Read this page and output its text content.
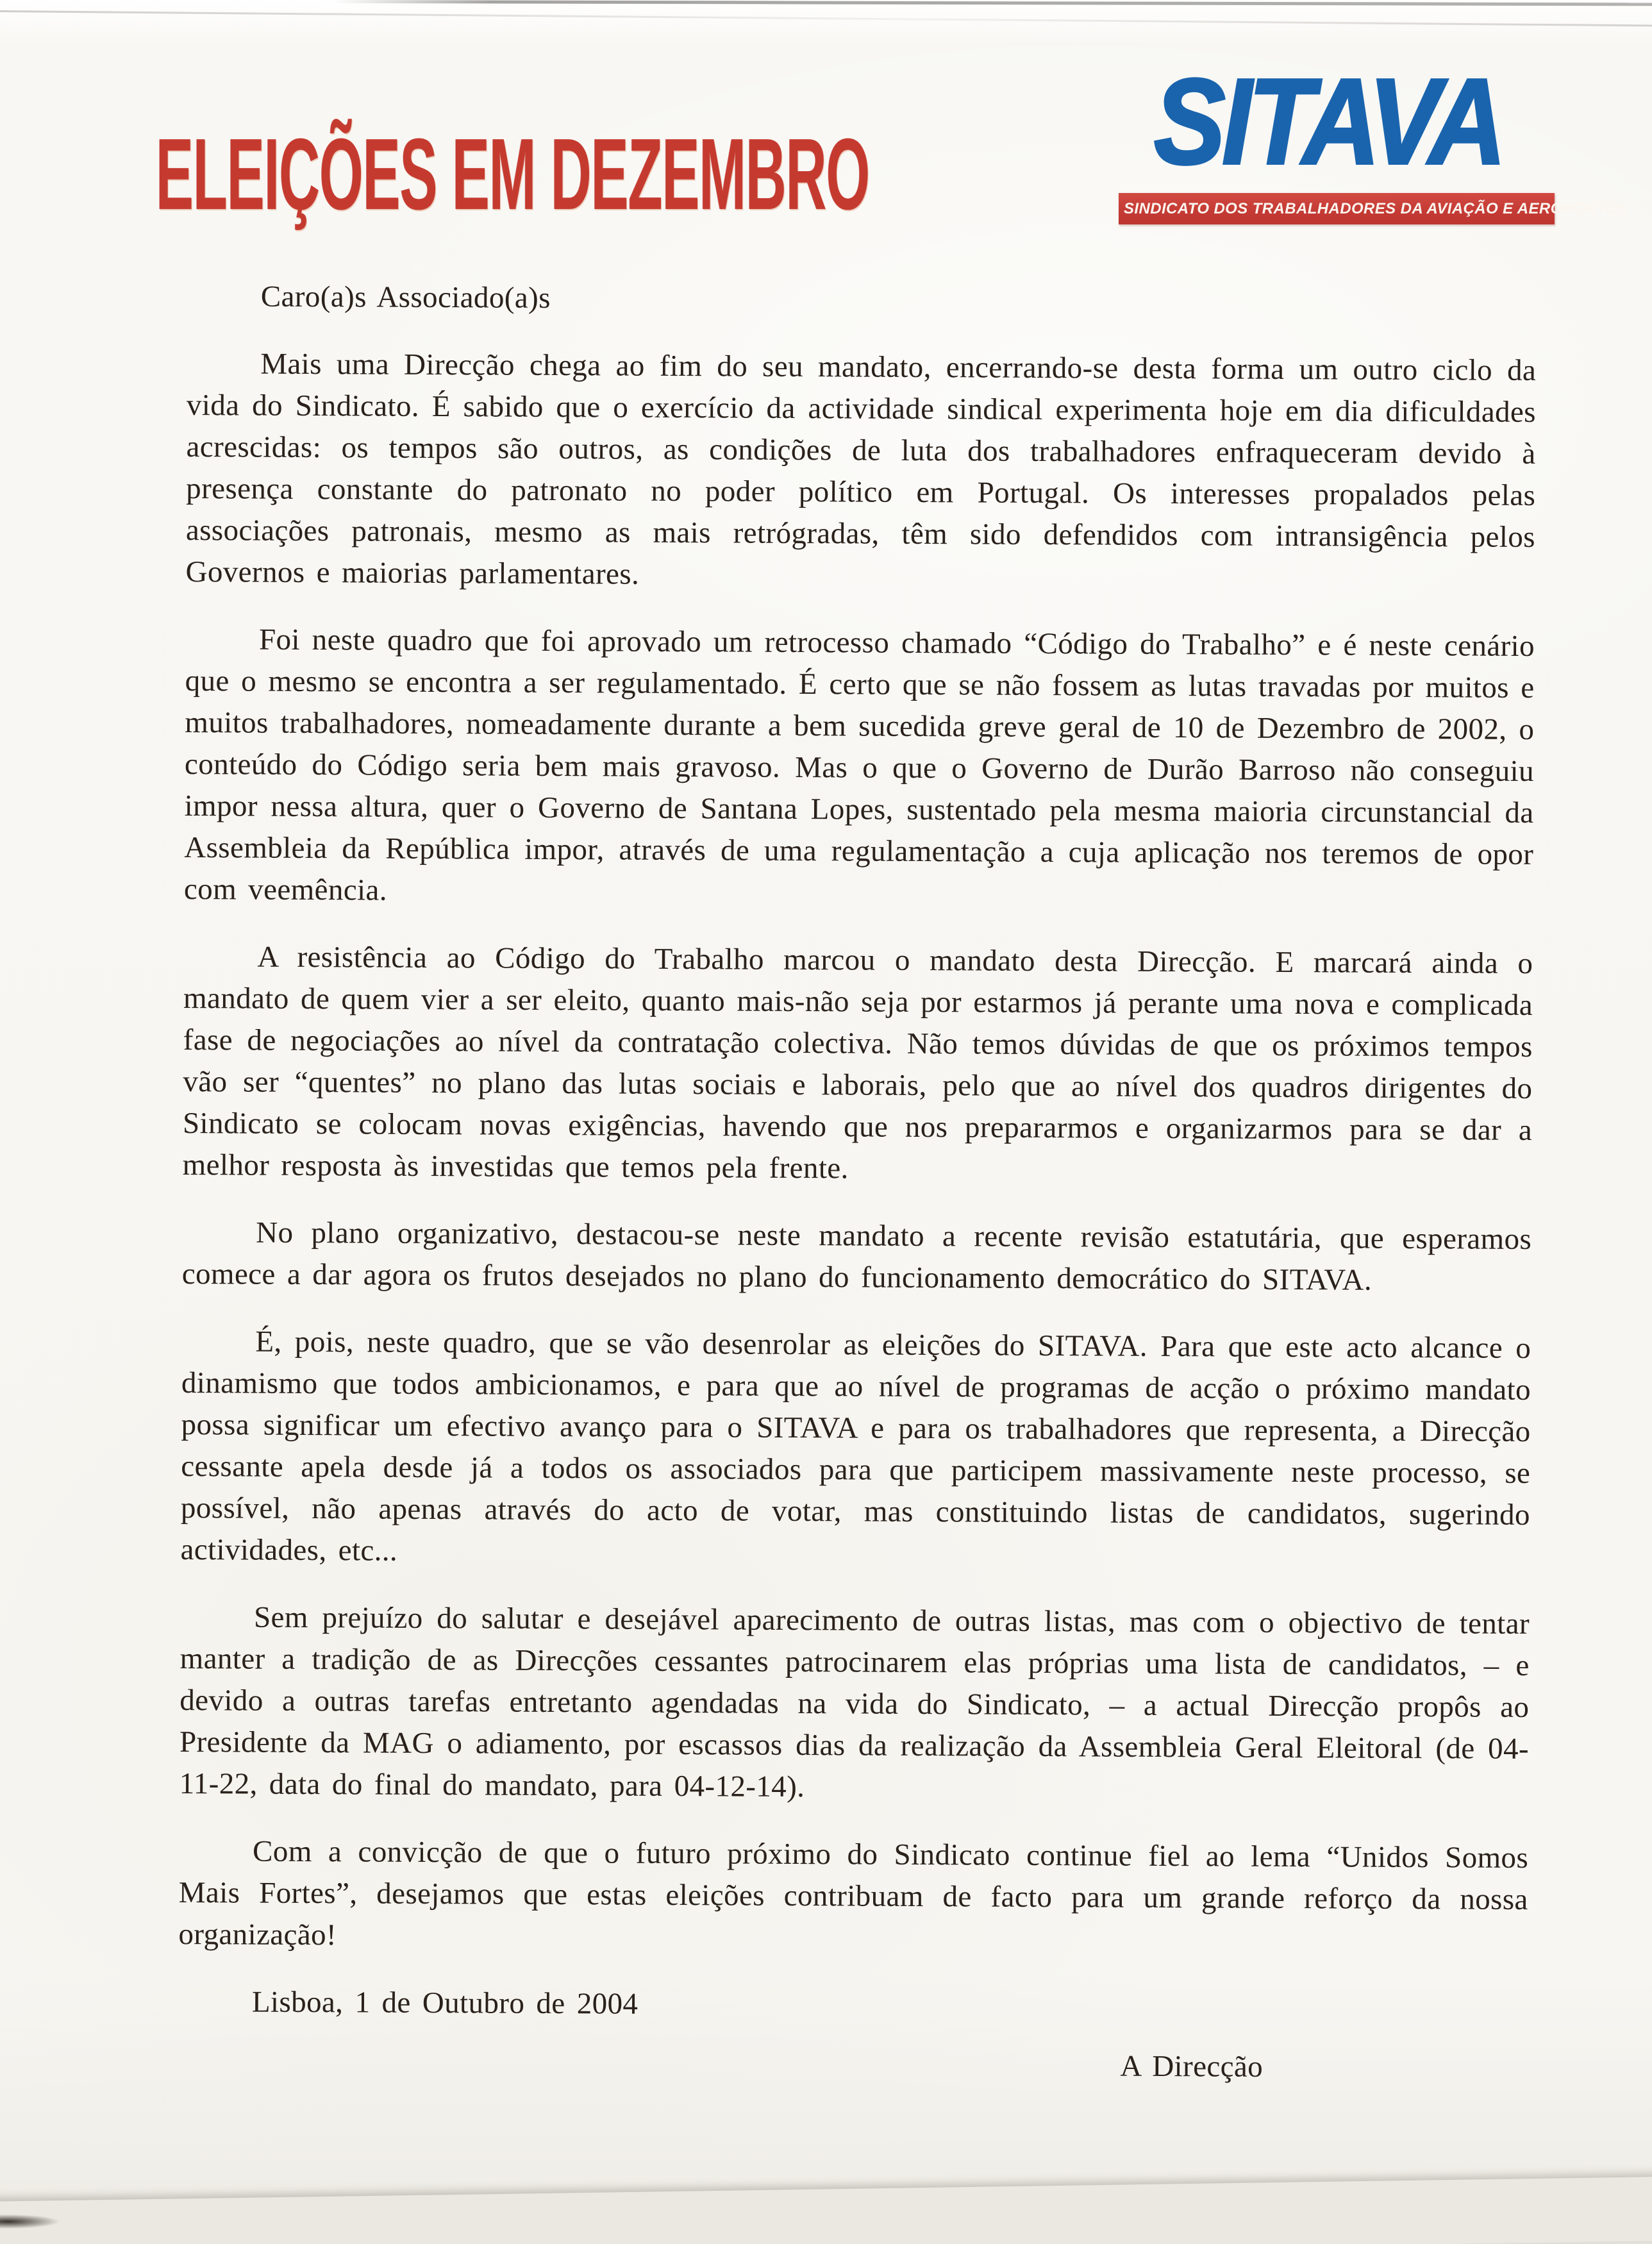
ELEIÇÕES EM DEZEMBRO SITAVA
SINDICATO DOS TRABALHADORES DA AVIAÇÃO E AEROPORTOS

Caro(a)s Associado(a)s

Mais uma Direcção chega ao fim do seu mandato, encerrando-se desta forma um outro ciclo da vida do Sindicato. É sabido que o exercício da actividade sindical experimenta hoje em dia dificuldades acrescidas: os tempos são outros, as condições de luta dos trabalhadores enfraqueceram devido à presença constante do patronato no poder político em Portugal. Os interesses propalados pelas associações patronais, mesmo as mais retrógradas, têm sido defendidos com intransigência pelos Governos e maiorias parlamentares.

Foi neste quadro que foi aprovado um retrocesso chamado “Código do Trabalho” e é neste cenário que o mesmo se encontra a ser regulamentado. É certo que se não fossem as lutas travadas por muitos e muitos trabalhadores, nomeadamente durante a bem sucedida greve geral de 10 de Dezembro de 2002, o conteúdo do Código seria bem mais gravoso. Mas o que o Governo de Durão Barroso não conseguiu impor nessa altura, quer o Governo de Santana Lopes, sustentado pela mesma maioria circunstancial da Assembleia da República impor, através de uma regulamentação a cuja aplicação nos teremos de opor com veemência.

A resistência ao Código do Trabalho marcou o mandato desta Direcção. E marcará ainda o mandato de quem vier a ser eleito, quanto mais-não seja por estarmos já perante uma nova e complicada fase de negociações ao nível da contratação colectiva. Não temos dúvidas de que os próximos tempos vão ser “quentes” no plano das lutas sociais e laborais, pelo que ao nível dos quadros dirigentes do Sindicato se colocam novas exigências, havendo que nos prepararmos e organizarmos para se dar a melhor resposta às investidas que temos pela frente.

No plano organizativo, destacou-se neste mandato a recente revisão estatutária, que esperamos comece a dar agora os frutos desejados no plano do funcionamento democrático do SITAVA.

É, pois, neste quadro, que se vão desenrolar as eleições do SITAVA. Para que este acto alcance o dinamismo que todos ambicionamos, e para que ao nível de programas de acção o próximo mandato possa significar um efectivo avanço para o SITAVA e para os trabalhadores que representa, a Direcção cessante apela desde já a todos os associados para que participem massivamente neste processo, se possível, não apenas através do acto de votar, mas constituindo listas de candidatos, sugerindo actividades, etc...

Sem prejuízo do salutar e desejável aparecimento de outras listas, mas com o objectivo de tentar manter a tradição de as Direcções cessantes patrocinarem elas próprias uma lista de candidatos, – e devido a outras tarefas entretanto agendadas na vida do Sindicato, – a actual Direcção propôs ao Presidente da MAG o adiamento, por escassos dias da realização da Assembleia Geral Eleitoral (de 04-11-22, data do final do mandato, para 04-12-14).

Com a convicção de que o futuro próximo do Sindicato continue fiel ao lema “Unidos Somos Mais Fortes”, desejamos que estas eleições contribuam de facto para um grande reforço da nossa organização!

Lisboa, 1 de Outubro de 2004

A Direcção
